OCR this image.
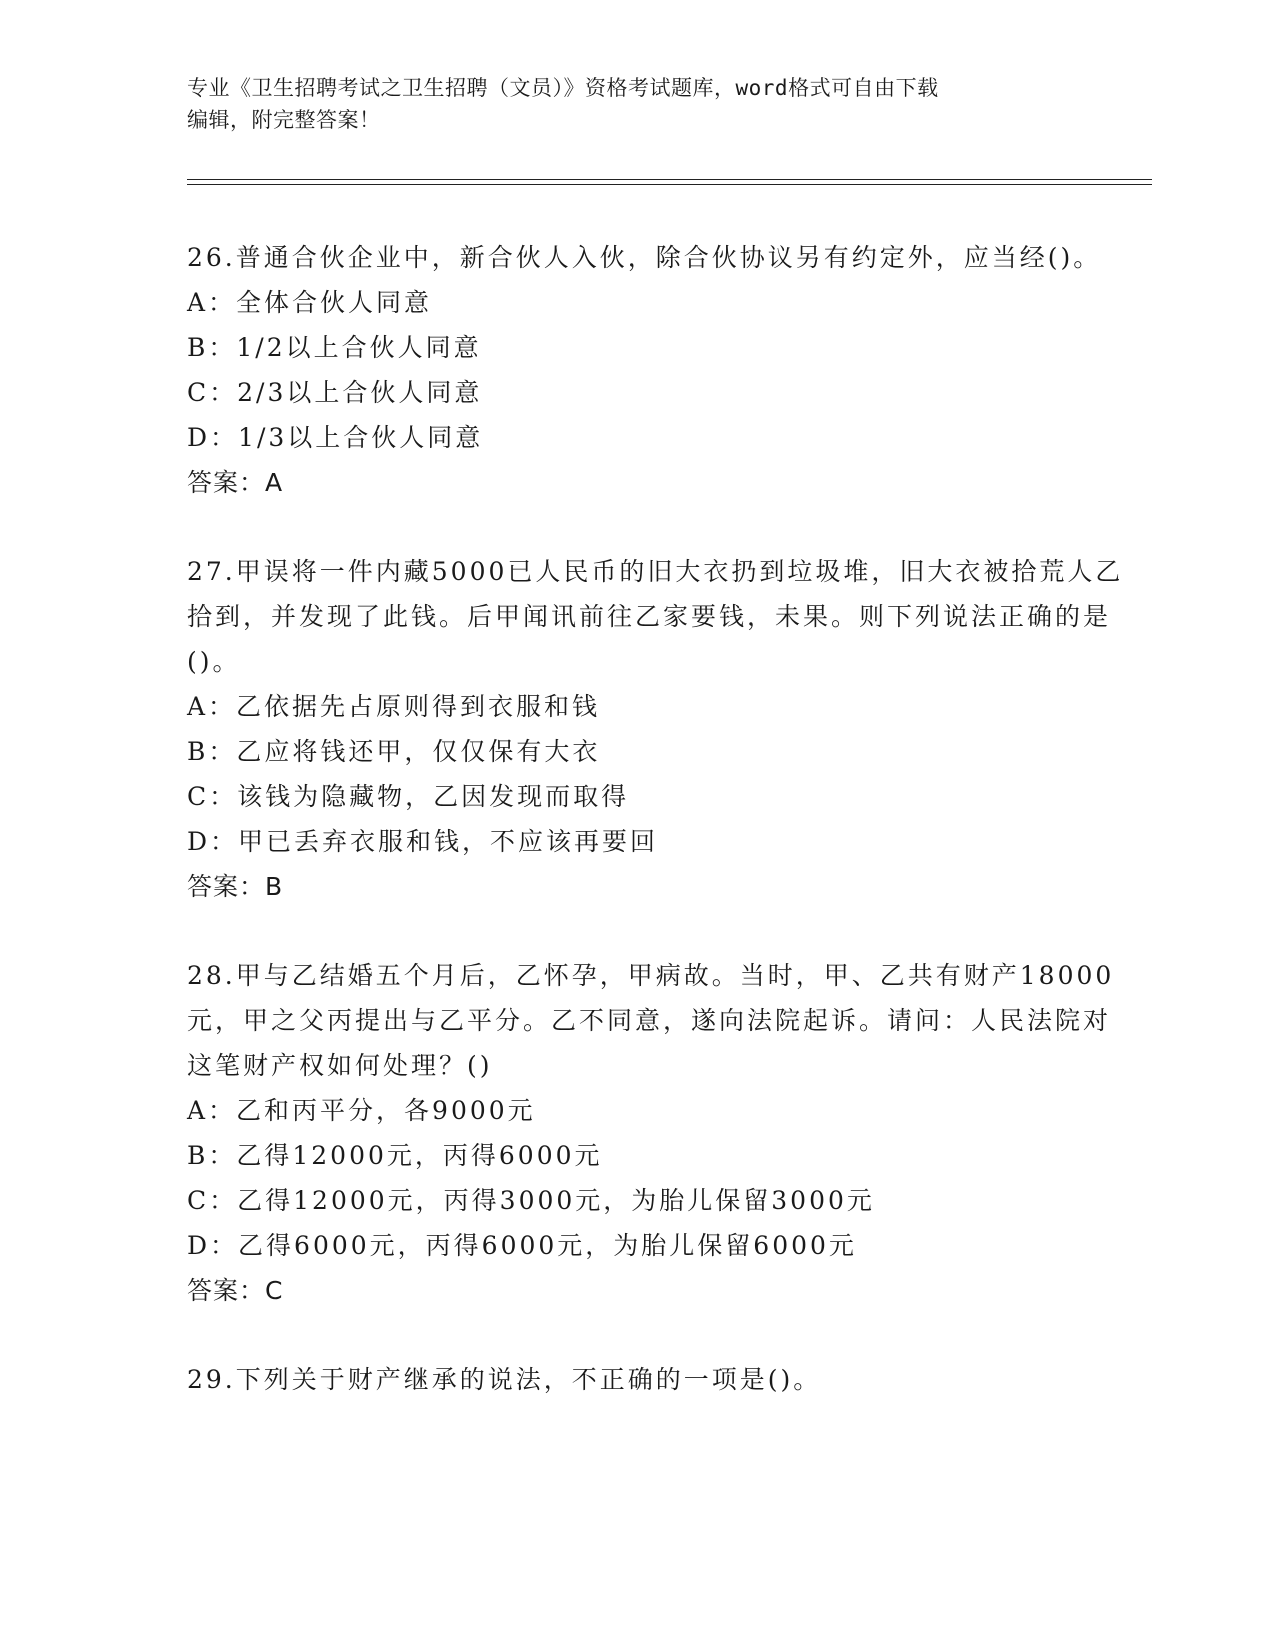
专业《卫生招聘考试之卫生招聘（文员）》资格考试题库，word格式可自由下载
编辑，附完整答案！

26.普通合伙企业中，新合伙人入伙，除合伙协议另有约定外，应当经()。

A：全体合伙人同意

B：1/2以上合伙人同意

C：2/3以上合伙人同意

D：1/3以上合伙人同意

答案：A

27.甲误将一件内藏5000已人民币的旧大衣扔到垃圾堆，旧大衣被拾荒人乙拾到，并发现了此钱。后甲闻讯前往乙家要钱，未果。则下列说法正确的是()。

A：乙依据先占原则得到衣服和钱

B：乙应将钱还甲，仅仅保有大衣

C：该钱为隐藏物，乙因发现而取得

D：甲已丢弃衣服和钱，不应该再要回

答案：B

28.甲与乙结婚五个月后，乙怀孕，甲病故。当时，甲、乙共有财产18000元，甲之父丙提出与乙平分。乙不同意，遂向法院起诉。请问：人民法院对这笔财产权如何处理？()

A：乙和丙平分，各9000元

B：乙得12000元，丙得6000元

C：乙得12000元，丙得3000元，为胎儿保留3000元

D：乙得6000元，丙得6000元，为胎儿保留6000元

答案：C

29.下列关于财产继承的说法，不正确的一项是()。
